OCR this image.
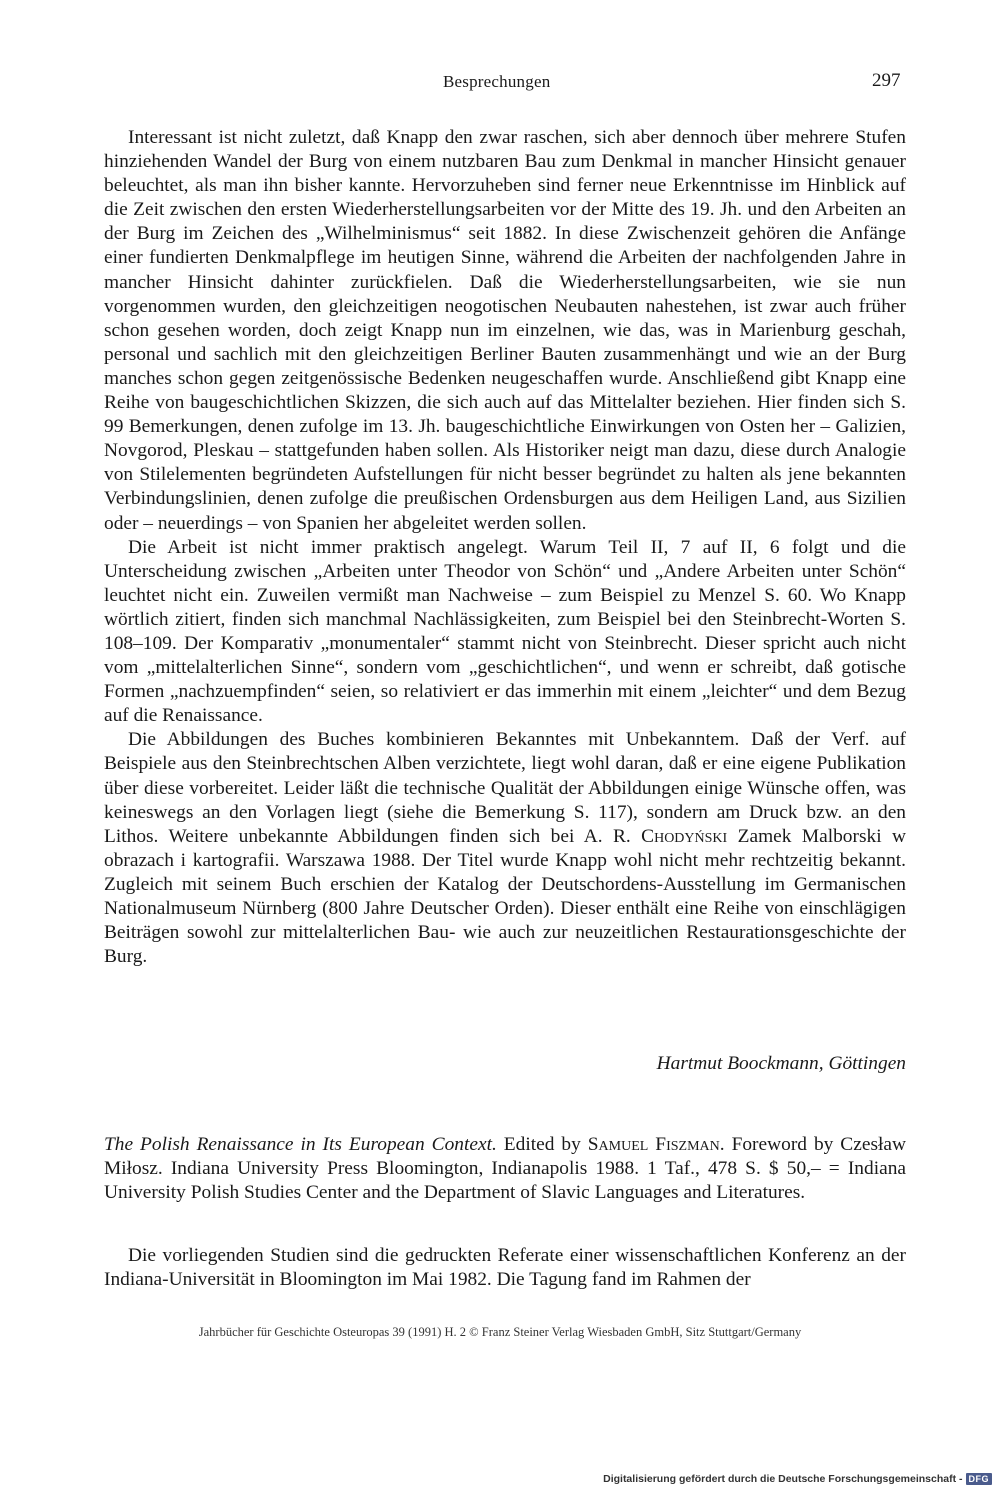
Besprechungen	297

Interessant ist nicht zuletzt, daß Knapp den zwar raschen, sich aber dennoch über mehrere Stufen hinziehenden Wandel der Burg von einem nutzbaren Bau zum Denkmal in mancher Hinsicht genauer beleuchtet, als man ihn bisher kannte. Hervorzuheben sind ferner neue Erkenntnisse im Hinblick auf die Zeit zwischen den ersten Wiederherstellungsarbeiten vor der Mitte des 19. Jh. und den Arbeiten an der Burg im Zeichen des „Wilhelminismus“ seit 1882. In diese Zwischenzeit gehören die Anfänge einer fundierten Denkmalpflege im heutigen Sinne, während die Arbeiten der nachfolgenden Jahre in mancher Hinsicht dahinter zurückfielen. Daß die Wiederherstellungsarbeiten, wie sie nun vorgenommen wurden, den gleichzeitigen neogotischen Neubauten nahestehen, ist zwar auch früher schon gesehen worden, doch zeigt Knapp nun im einzelnen, wie das, was in Marienburg geschah, personal und sachlich mit den gleichzeitigen Berliner Bauten zusammenhängt und wie an der Burg manches schon gegen zeitgenössische Bedenken neugeschaffen wurde. Anschließend gibt Knapp eine Reihe von baugeschichtlichen Skizzen, die sich auch auf das Mittelalter beziehen. Hier finden sich S. 99 Bemerkungen, denen zufolge im 13. Jh. baugeschichtliche Einwirkungen von Osten her – Galizien, Novgorod, Pleskau – stattgefunden haben sollen. Als Historiker neigt man dazu, diese durch Analogie von Stilelementen begründeten Aufstellungen für nicht besser begründet zu halten als jene bekannten Verbindungslinien, denen zufolge die preußischen Ordensburgen aus dem Heiligen Land, aus Sizilien oder – neuerdings – von Spanien her abgeleitet werden sollen.

Die Arbeit ist nicht immer praktisch angelegt. Warum Teil II, 7 auf II, 6 folgt und die Unterscheidung zwischen „Arbeiten unter Theodor von Schön“ und „Andere Arbeiten unter Schön“ leuchtet nicht ein. Zuweilen vermißt man Nachweise – zum Beispiel zu Menzel S. 60. Wo Knapp wörtlich zitiert, finden sich manchmal Nachlässigkeiten, zum Beispiel bei den Steinbrecht-Worten S. 108–109. Der Komparativ „monumentaler“ stammt nicht von Steinbrecht. Dieser spricht auch nicht vom „mittelalterlichen Sinne“, sondern vom „geschichtlichen“, und wenn er schreibt, daß gotische Formen „nachzuempfinden“ seien, so relativiert er das immerhin mit einem „leichter“ und dem Bezug auf die Renaissance.

Die Abbildungen des Buches kombinieren Bekanntes mit Unbekanntem. Daß der Verf. auf Beispiele aus den Steinbrechtschen Alben verzichtete, liegt wohl daran, daß er eine eigene Publikation über diese vorbereitet. Leider läßt die technische Qualität der Abbildungen einige Wünsche offen, was keineswegs an den Vorlagen liegt (siehe die Bemerkung S. 117), sondern am Druck bzw. an den Lithos. Weitere unbekannte Abbildungen finden sich bei A. R. Chodyński Zamek Malborski w obrazach i kartografii. Warszawa 1988. Der Titel wurde Knapp wohl nicht mehr rechtzeitig bekannt. Zugleich mit seinem Buch erschien der Katalog der Deutschordens-Ausstellung im Germanischen Nationalmuseum Nürnberg (800 Jahre Deutscher Orden). Dieser enthält eine Reihe von einschlägigen Beiträgen sowohl zur mittelalterlichen Bau- wie auch zur neuzeitlichen Restaurationsgeschichte der Burg.

Hartmut Boockmann, Göttingen
The Polish Renaissance in Its European Context. Edited by Samuel Fiszman. Foreword by Czesław Miłosz. Indiana University Press Bloomington, Indianapolis 1988. 1 Taf., 478 S. $ 50,– = Indiana University Polish Studies Center and the Department of Slavic Languages and Literatures.

Die vorliegenden Studien sind die gedruckten Referate einer wissenschaftlichen Konferenz an der Indiana-Universität in Bloomington im Mai 1982. Die Tagung fand im Rahmen der

Jahrbücher für Geschichte Osteuropas 39 (1991) H. 2 © Franz Steiner Verlag Wiesbaden GmbH, Sitz Stuttgart/Germany
Digitalisierung gefördert durch die Deutsche Forschungsgemeinschaft - DFG
